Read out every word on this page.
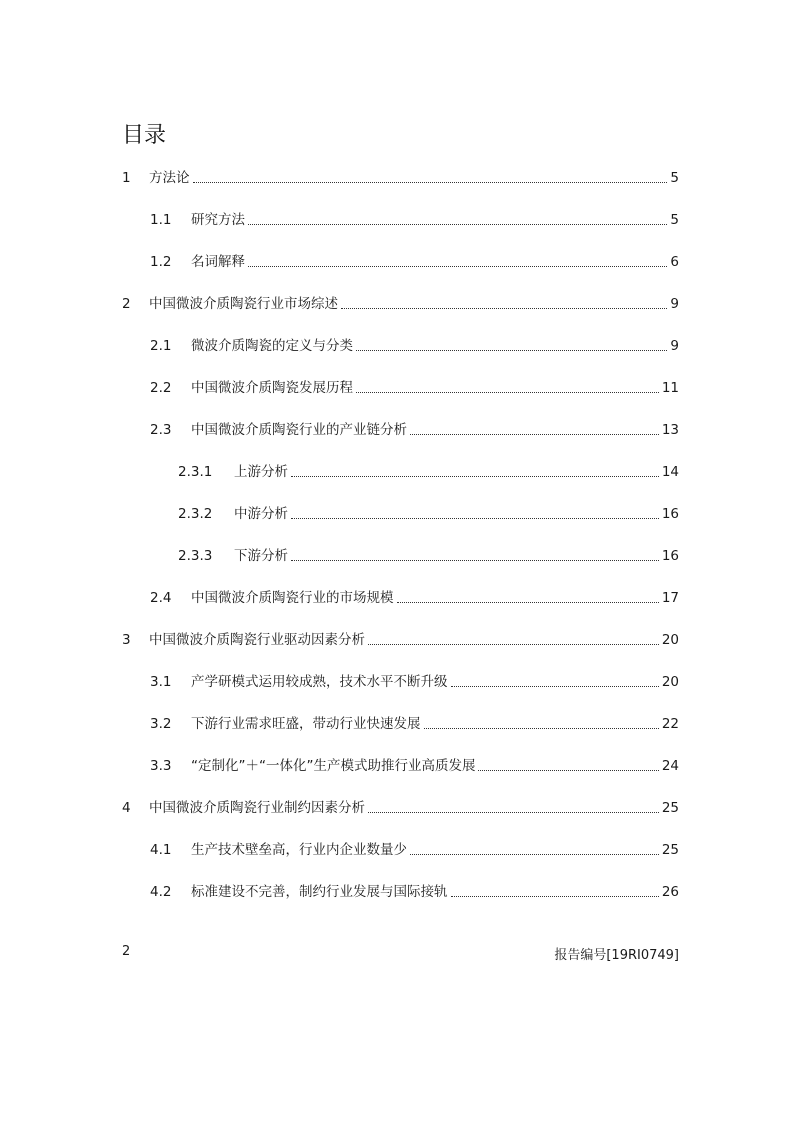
目录
1	方法论	5
1.1	研究方法	5
1.2	名词解释	6
2	中国微波介质陶瓷行业市场综述	9
2.1	微波介质陶瓷的定义与分类	9
2.2	中国微波介质陶瓷发展历程	11
2.3	中国微波介质陶瓷行业的产业链分析	13
2.3.1	上游分析	14
2.3.2	中游分析	16
2.3.3	下游分析	16
2.4	中国微波介质陶瓷行业的市场规模	17
3	中国微波介质陶瓷行业驱动因素分析	20
3.1	产学研模式运用较成熟，技术水平不断升级	20
3.2	下游行业需求旺盛，带动行业快速发展	22
3.3	“定制化”＋“一体化”生产模式助推行业高质发展	24
4	中国微波介质陶瓷行业制约因素分析	25
4.1	生产技术壁垒高，行业内企业数量少	25
4.2	标准建设不完善，制约行业发展与国际接轨	26
2	报告编号[19RI0749]
